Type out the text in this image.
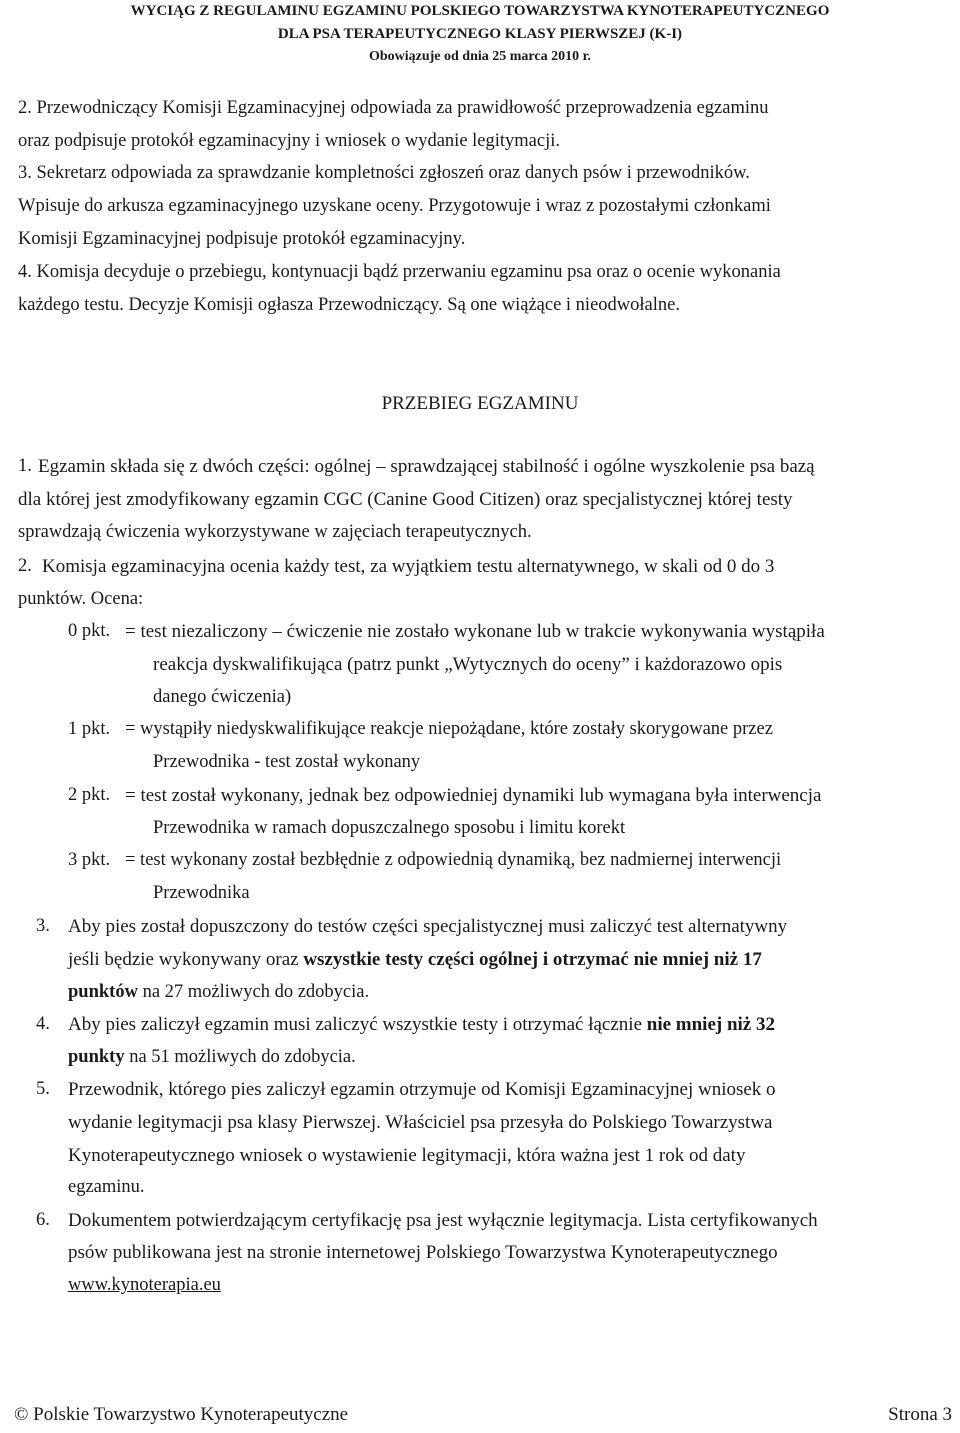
WYCIĄG Z REGULAMINU EGZAMINU POLSKIEGO TOWARZYSTWA KYNOTERAPEUTYCZNEGO
DLA PSA TERAPEUTYCZNEGO KLASY PIERWSZEJ (K-I)
Obowiązuje od dnia 25 marca 2010 r.
2. Przewodniczący Komisji Egzaminacyjnej odpowiada za prawidłowość przeprowadzenia egzaminu
oraz podpisuje protokół egzaminacyjny i wniosek o wydanie legitymacji.
3. Sekretarz odpowiada za sprawdzanie kompletności zgłoszeń oraz danych psów i przewodników.
Wpisuje do arkusza egzaminacyjnego uzyskane oceny. Przygotowuje i wraz z pozostałymi członkami
Komisji Egzaminacyjnej podpisuje protokół egzaminacyjny.
4. Komisja decyduje o przebiegu, kontynuacji bądź przerwaniu egzaminu psa oraz o ocenie wykonania
każdego testu. Decyzje Komisji ogłasza Przewodniczący. Są one wiążące i nieodwołalne.
PRZEBIEG EGZAMINU
1. Egzamin składa się z dwóch części: ogólnej – sprawdzającej stabilność i ogólne wyszkolenie psa bazą
dla której jest zmodyfikowany egzamin CGC (Canine Good Citizen) oraz specjalistycznej której testy
sprawdzają ćwiczenia wykorzystywane w zajęciach terapeutycznych.
2. Komisja egzaminacyjna ocenia każdy test, za wyjątkiem testu alternatywnego, w skali od 0 do 3
punktów. Ocena:
0 pkt. = test niezaliczony – ćwiczenie nie zostało wykonane lub w trakcie wykonywania wystąpiła
reakcja dyskwalifikująca (patrz punkt „Wytycznych do oceny” i każdorazowo opis
danego ćwiczenia)
1 pkt. = wystąpiły niedyskwalifikujące reakcje niepożądane, które zostały skorygowane przez
Przewodnika - test został wykonany
2 pkt. = test został wykonany, jednak bez odpowiedniej dynamiki lub wymagana była interwencja
Przewodnika w ramach dopuszczalnego sposobu i limitu korekt
3 pkt. = test wykonany został bezbłędnie z odpowiednią dynamiką, bez nadmiernej interwencji
Przewodnika
3. Aby pies został dopuszczony do testów części specjalistycznej musi zaliczyć test alternatywny
jeśli będzie wykonywany oraz wszystkie testy części ogólnej i otrzymać nie mniej niż 17
punktów na 27 możliwych do zdobycia.
4. Aby pies zaliczył egzamin musi zaliczyć wszystkie testy i otrzymać łącznie nie mniej niż 32
punkty na 51 możliwych do zdobycia.
5. Przewodnik, którego pies zaliczył egzamin otrzymuje od Komisji Egzaminacyjnej wniosek o
wydanie legitymacji psa klasy Pierwszej. Właściciel psa przesyła do Polskiego Towarzystwa
Kynoterapeutycznego wniosek o wystawienie legitymacji, która ważna jest 1 rok od daty
egzaminu.
6. Dokumentem potwierdzającym certyfikację psa jest wyłącznie legitymacja. Lista certyfikowanych
psów publikowana jest na stronie internetowej Polskiego Towarzystwa Kynoterapeutycznego
www.kynoterapia.eu
© Polskie Towarzystwo Kynoterapeutyczne	Strona 3
